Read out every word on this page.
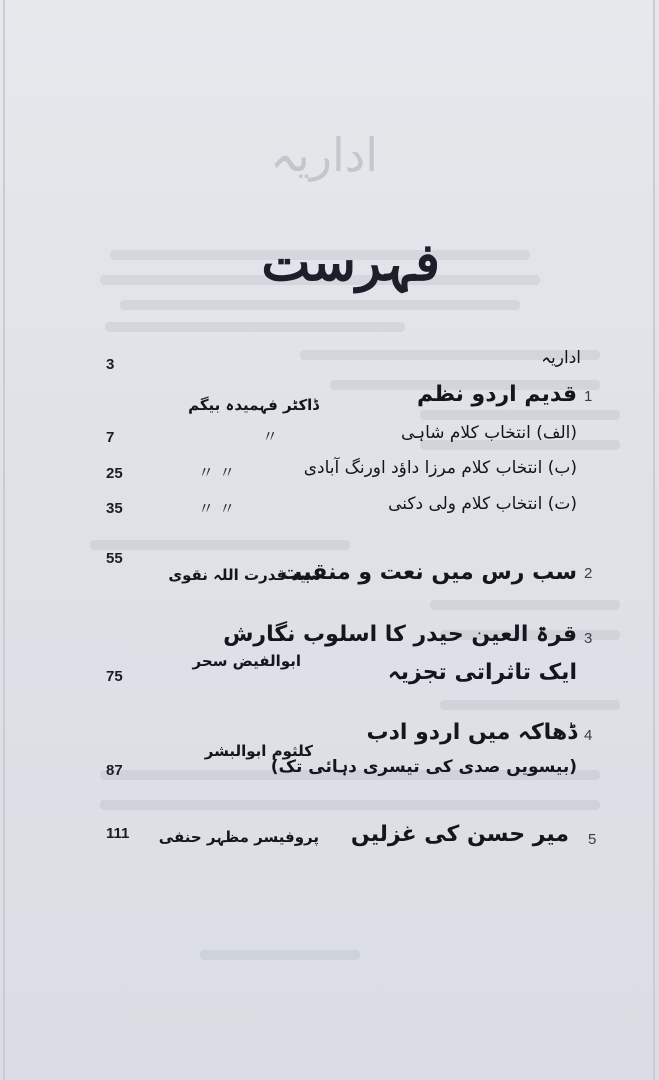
اداریہ
فہرست
اداریہ
3
1
قدیم اردو نظم
ڈاکٹر فہمیدہ بیگم
(الف) انتخاب کلام شاہی
〃
7
(ب) انتخاب کلام مرزا داؤد اورنگ آبادی
〃 〃
25
(ت) انتخاب کلام ولی دکنی
〃 〃
35
55
2
سب رس میں نعت و منقبت
سید قدرت اللہ نقوی
3
قرۃ العین حیدر کا اسلوب نگارش
ابوالفیض سحر	ایک تاثراتی تجزیہ
75
4
ڈھاکہ میں اردو ادب
کلثوم ابوالبشر
(بیسویں صدی کی تیسری دہائی تک)
87
111	5
میر حسن کی غزلیں
پروفیسر مظہر حنفی
